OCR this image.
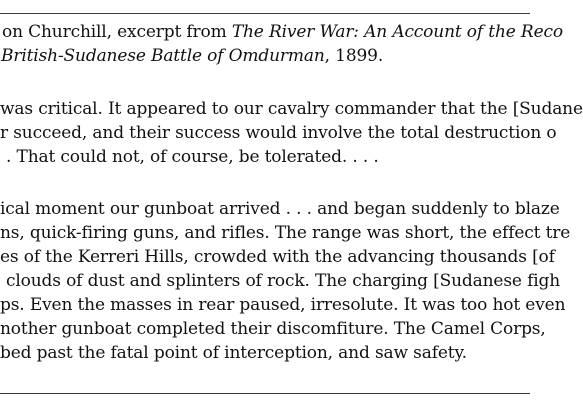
on Churchill, excerpt from The River War: An Account of the Reco
British-Sudanese Battle of Omdurman, 1899.
was critical. It appeared to our cavalry commander that the [Sudane
r succeed, and their success would involve the total destruction o
. That could not, of course, be tolerated. . . .
ical moment our gunboat arrived . . . and began suddenly to blaze
ns, quick-firing guns, and rifles. The range was short, the effect tre
es of the Kerreri Hills, crowded with the advancing thousands [of
clouds of dust and splinters of rock. The charging [Sudanese figh
ps. Even the masses in rear paused, irresolute. It was too hot even
nother gunboat completed their discomfiture. The Camel Corps,
bed past the fatal point of interception, and saw safety.
